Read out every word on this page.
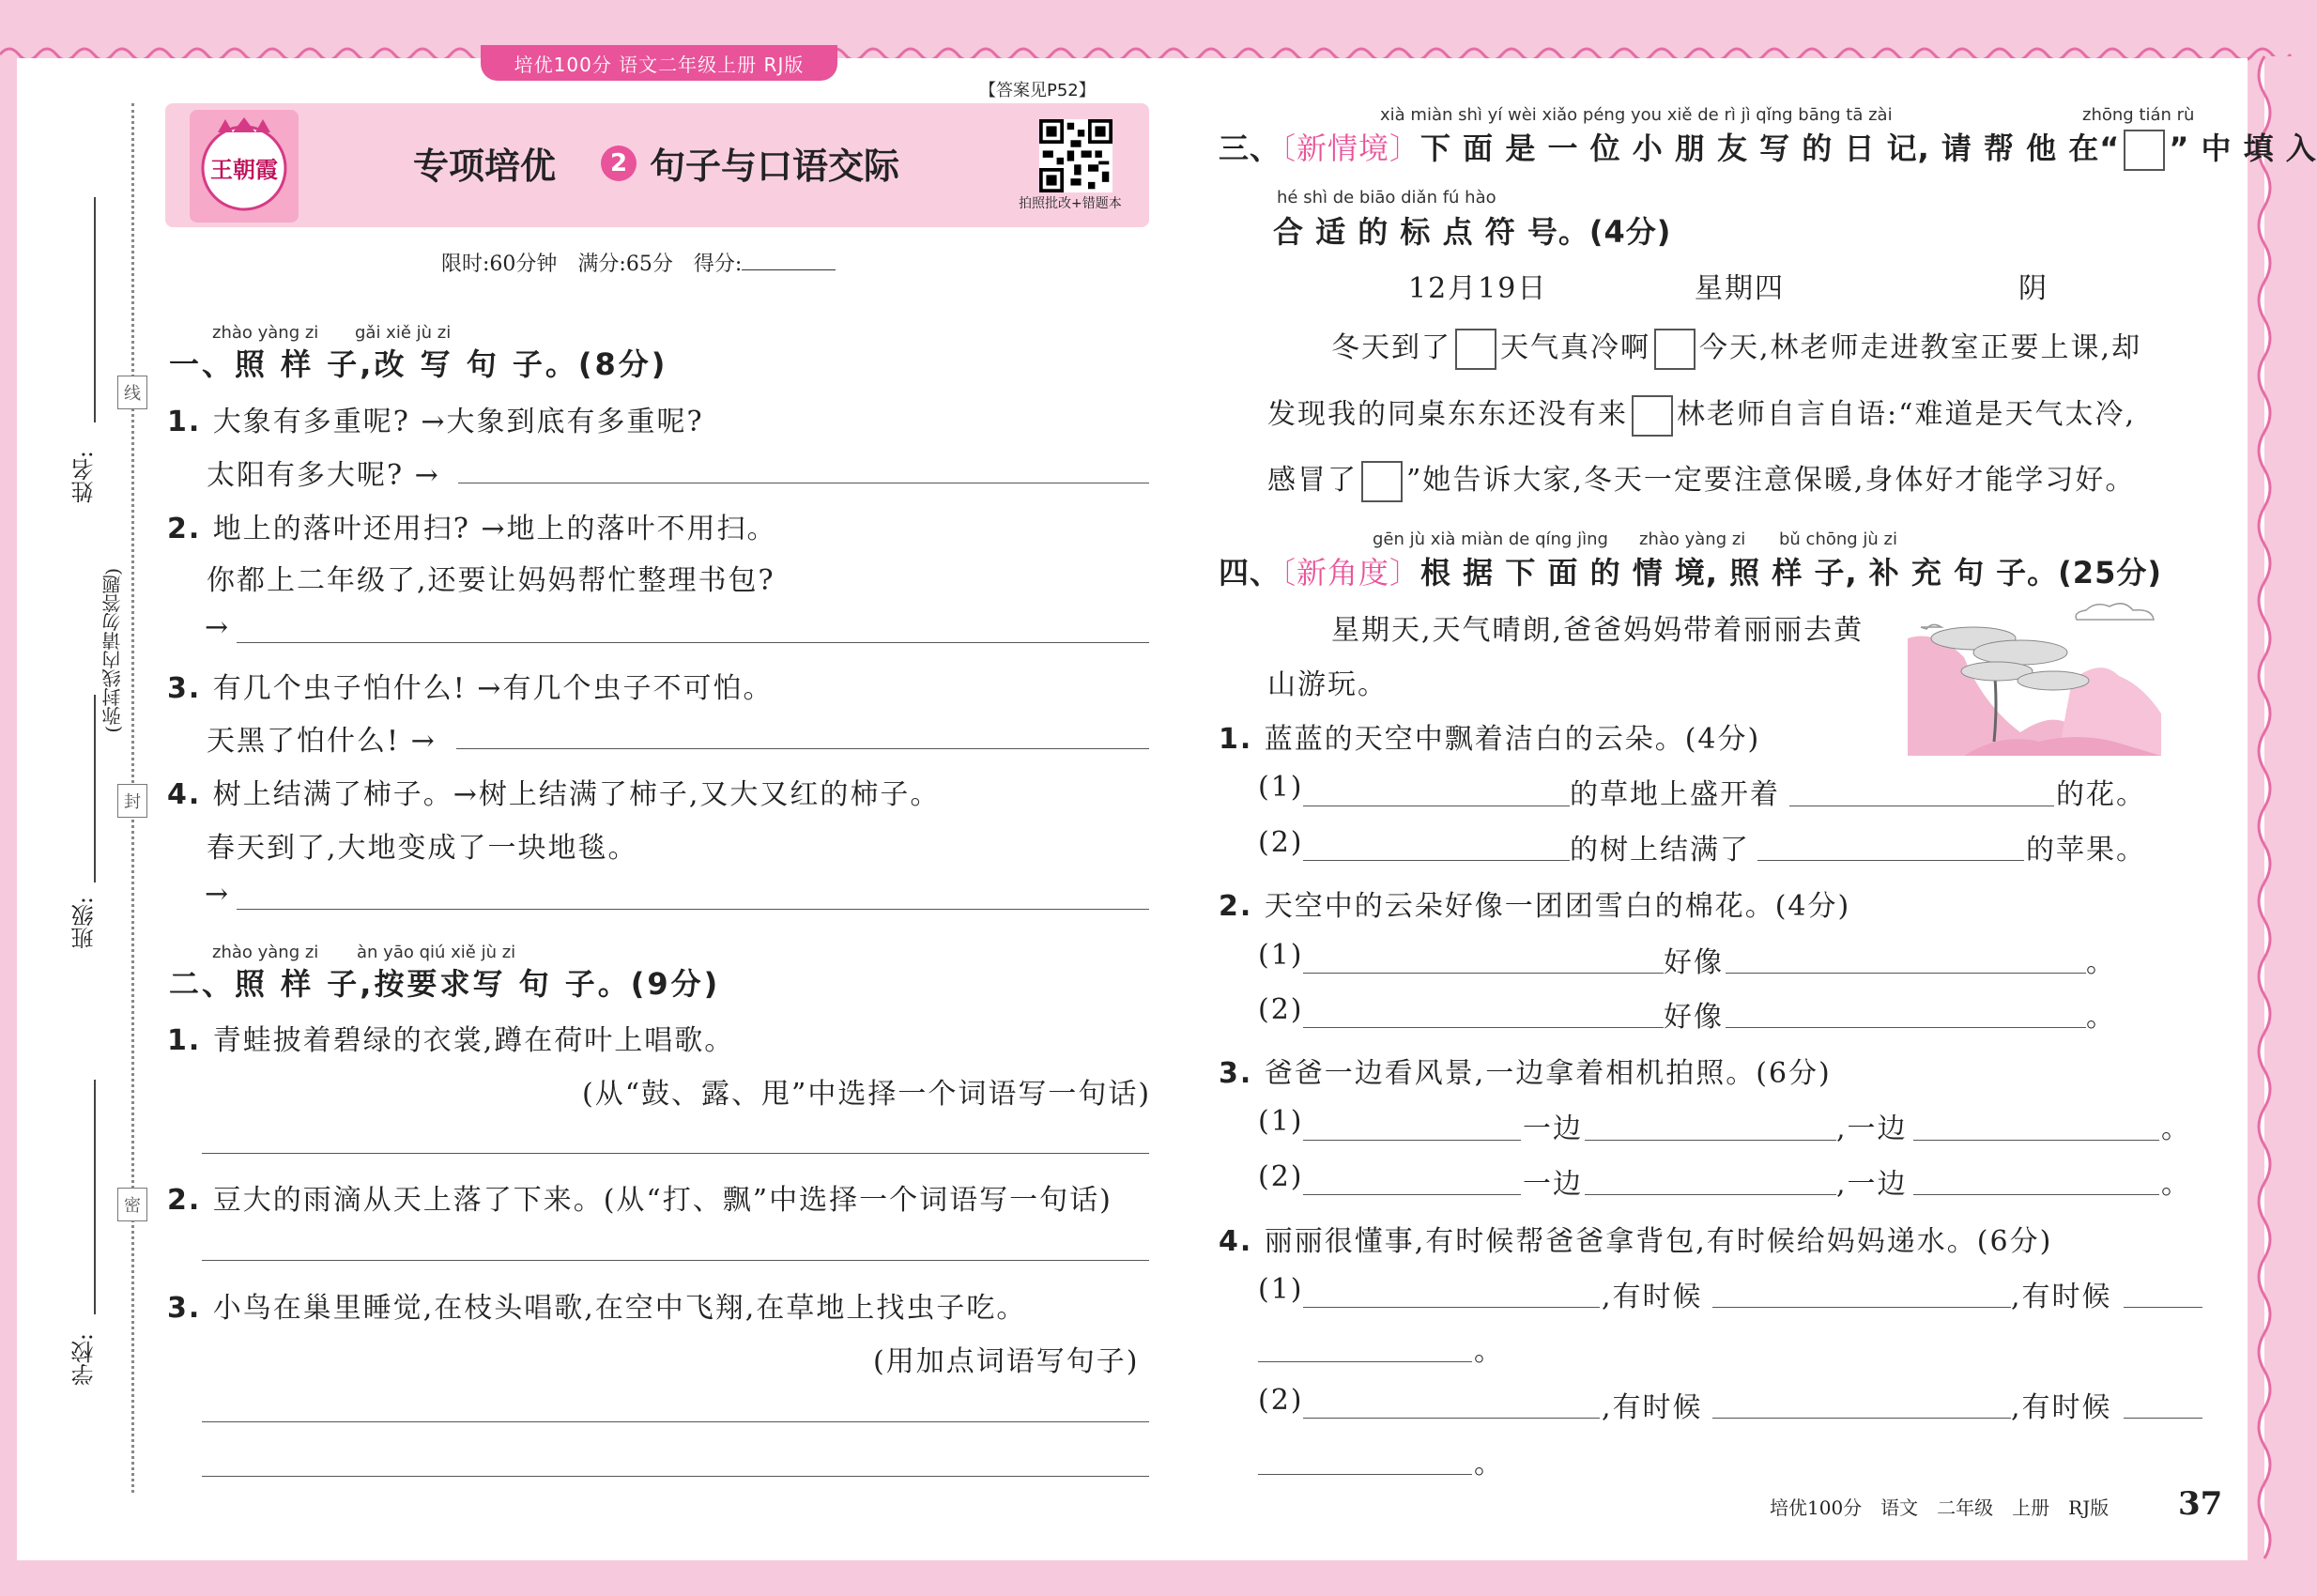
培优100分 语文二年级上册 RJ版
姓名:
班级:
学校:
(弥封线内请勿答题)
线
封
密
【答案见P52】
王朝霞	专项培优	2 句子与口语交际
拍照批改+错题本
限时:60分钟　满分:65分　得分:
zhào yàng zi gǎi xiě jù zi
一、照 样 子,改 写 句 子。(8分)
1. 大象有多重呢? →大象到底有多重呢?
太阳有多大呢? →
2. 地上的落叶还用扫? →地上的落叶不用扫。
你都上二年级了,还要让妈妈帮忙整理书包?
→
3. 有几个虫子怕什么! →有几个虫子不可怕。
天黑了怕什么! →
4. 树上结满了柿子。→树上结满了柿子,又大又红的柿子。
春天到了,大地变成了一块地毯。
→
zhào yàng zi àn yāo qiú xiě jù zi
二、照 样 子,按要求写 句 子。(9分)
1. 青蛙披着碧绿的衣裳,蹲在荷叶上唱歌。
(从“鼓、露、甩”中选择一个词语写一句话)
2. 豆大的雨滴从天上落了下来。(从“打、飘”中选择一个词语写一句话)
3. 小鸟在巢里睡觉,在枝头唱歌,在空中飞翔,在草地上找虫子吃。
(用加点词语写句子)
xià miàn shì yí wèi xiǎo péng you xiě de rì jì qǐng bāng tā zài	zhōng tián rù
三、〔新情境〕下 面 是 一 位 小 朋 友 写 的 日 记, 请 帮 他 在“ ” 中 填 入
hé shì de biāo diǎn fú hào
合 适 的 标 点 符 号。(4分)
12月19日	星期四	阴
冬天到了 天气真冷啊 今天,林老师走进教室正要上课,却
发现我的同桌东东还没有来 林老师自言自语:“难道是天气太冷,
感冒了 ”她告诉大家,冬天一定要注意保暖,身体好才能学习好。
gēn jù xià miàn de qíng jìng zhào yàng zi bǔ chōng jù zi
四、〔新角度〕根 据 下 面 的 情 境, 照 样 子, 补 充 句 子。(25分)
星期天,天气晴朗,爸爸妈妈带着丽丽去黄
山游玩。
1. 蓝蓝的天空中飘着洁白的云朵。(4分)
(1)	的草地上盛开着	的花。
(2)	的树上结满了	的苹果。
2. 天空中的云朵好像一团团雪白的棉花。(4分)
(1)	好像	。
(2)	好像	。
3. 爸爸一边看风景,一边拿着相机拍照。(6分)
(1)	一边	,一边	。
(2)	一边	,一边	。
4. 丽丽很懂事,有时候帮爸爸拿背包,有时候给妈妈递水。(6分)
(1)	,有时候	,有时候
。
(2)	,有时候	,有时候
。
培优100分　语文　二年级　上册　RJ版 37
